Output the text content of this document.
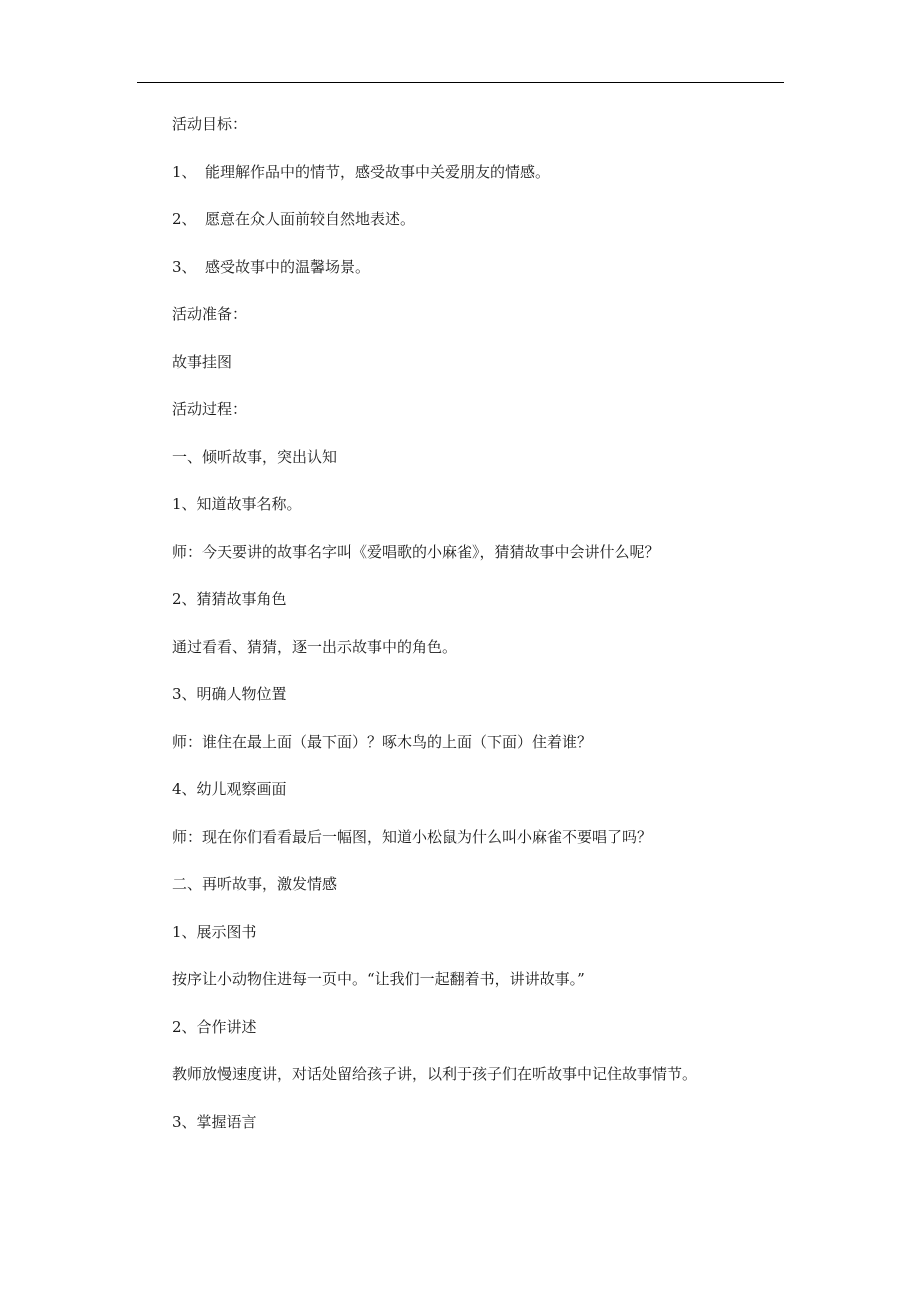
活动目标：
1、 能理解作品中的情节，感受故事中关爱朋友的情感。
2、 愿意在众人面前较自然地表述。
3、 感受故事中的温馨场景。
活动准备：
故事挂图
活动过程：
一、倾听故事，突出认知
1、知道故事名称。
师：今天要讲的故事名字叫《爱唱歌的小麻雀》，猜猜故事中会讲什么呢？
2、猜猜故事角色
通过看看、猜猜，逐一出示故事中的角色。
3、明确人物位置
师：谁住在最上面（最下面）？啄木鸟的上面（下面）住着谁？
4、幼儿观察画面
师：现在你们看看最后一幅图，知道小松鼠为什么叫小麻雀不要唱了吗？
二、再听故事，激发情感
1、展示图书
按序让小动物住进每一页中。“让我们一起翻着书，讲讲故事。”
2、合作讲述
教师放慢速度讲，对话处留给孩子讲，以利于孩子们在听故事中记住故事情节。
3、掌握语言
